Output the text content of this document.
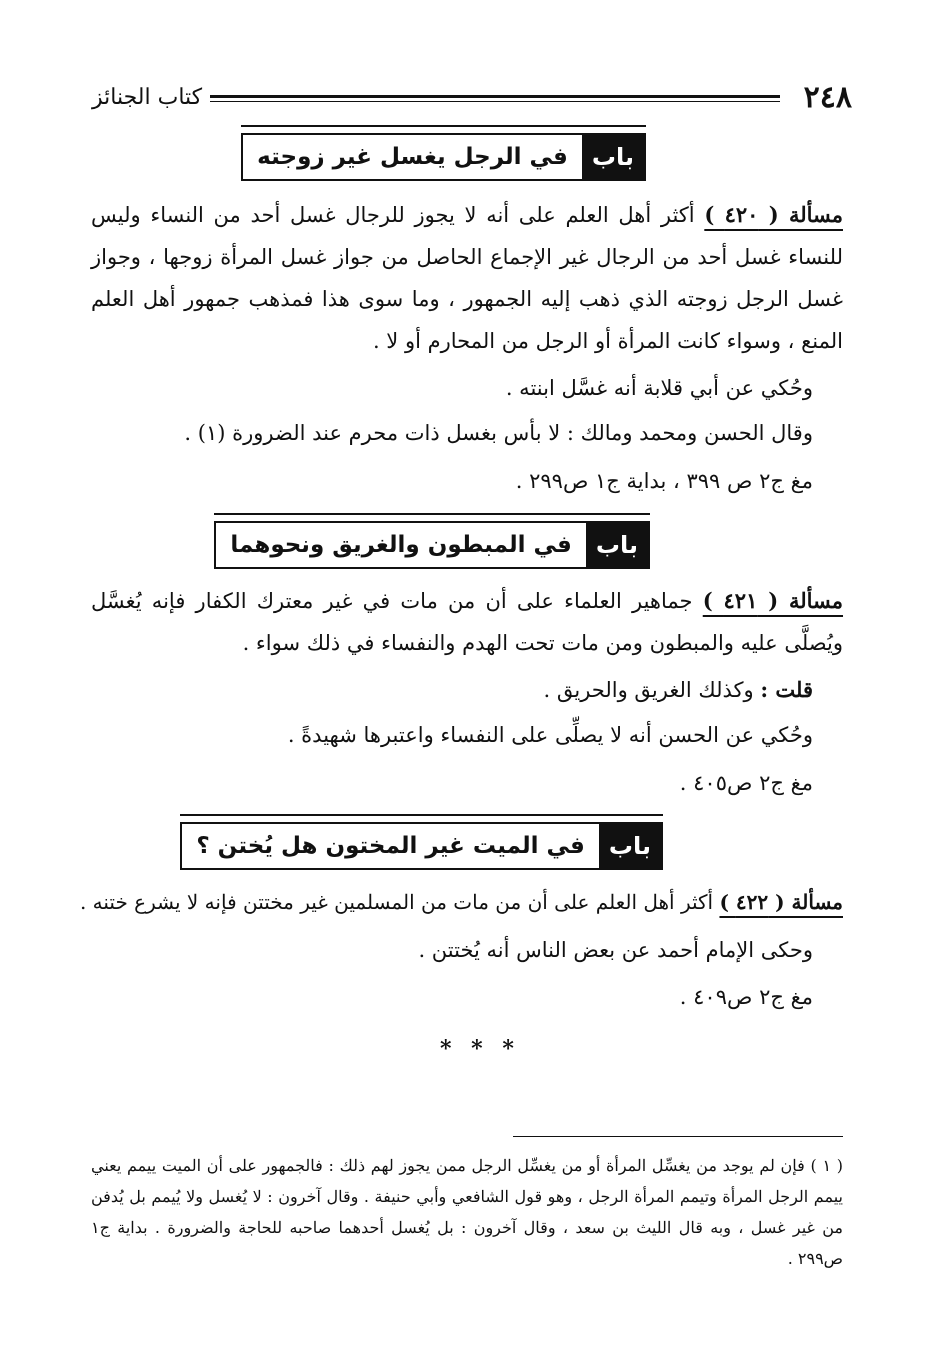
٢٤٨
كتاب الجنائز
باب
في الرجل يغسل غير زوجته

مسألة ( ٤٢٠ ) أكثر أهل العلم على أنه لا يجوز للرجال غسل أحد من النساء وليس للنساء غسل أحد من الرجال غير الإجماع الحاصل من جواز غسل المرأة زوجها ، وجواز غسل الرجل زوجته الذي ذهب إليه الجمهور ، وما سوى هذا فمذهب جمهور أهل العلم المنع ، وسواء كانت المرأة أو الرجل من المحارم أو لا .

وحُكي عن أبي قلابة أنه غسَّل ابنته .
وقال الحسن ومحمد ومالك : لا بأس بغسل ذات محرم عند الضرورة (١) .
مغ ج٢ ص ٣٩٩ ، بداية ج١ ص٢٩٩ .
باب
في المبطون والغريق ونحوهما

مسألة ( ٤٢١ ) جماهير العلماء على أن من مات في غير معترك الكفار فإنه يُغسَّل ويُصلَّى عليه والمبطون ومن مات تحت الهدم والنفساء في ذلك سواء .

قلت : وكذلك الغريق والحريق .
وحُكي عن الحسن أنه لا يصلِّى على النفساء واعتبرها شهيدةً .
مغ ج٢ ص٤٠٥ .
باب
في الميت غير المختون هل يُختن ؟
مسألة ( ٤٢٢ ) أكثر أهل العلم على أن من مات من المسلمين غير مختتن فإنه لا يشرع ختنه .
وحكى الإمام أحمد عن بعض الناس أنه يُختتن .
مغ ج٢ ص٤٠٩ .
* * *

( ١ ) فإن لم يوجد من يغسِّل المرأة أو من يغسِّل الرجل ممن يجوز لهم ذلك : فالجمهور على أن الميت ييمم يعني ييمم الرجل المرأة وتيمم المرأة الرجل ، وهو قول الشافعي وأبي حنيفة . وقال آخرون : لا يُغسل ولا يُيمم بل يُدفن من غير غسل ، وبه قال الليث بن سعد ، وقال آخرون : بل يُغسل أحدهما صاحبه للحاجة والضرورة . بداية ج١ ص٢٩٩ .
